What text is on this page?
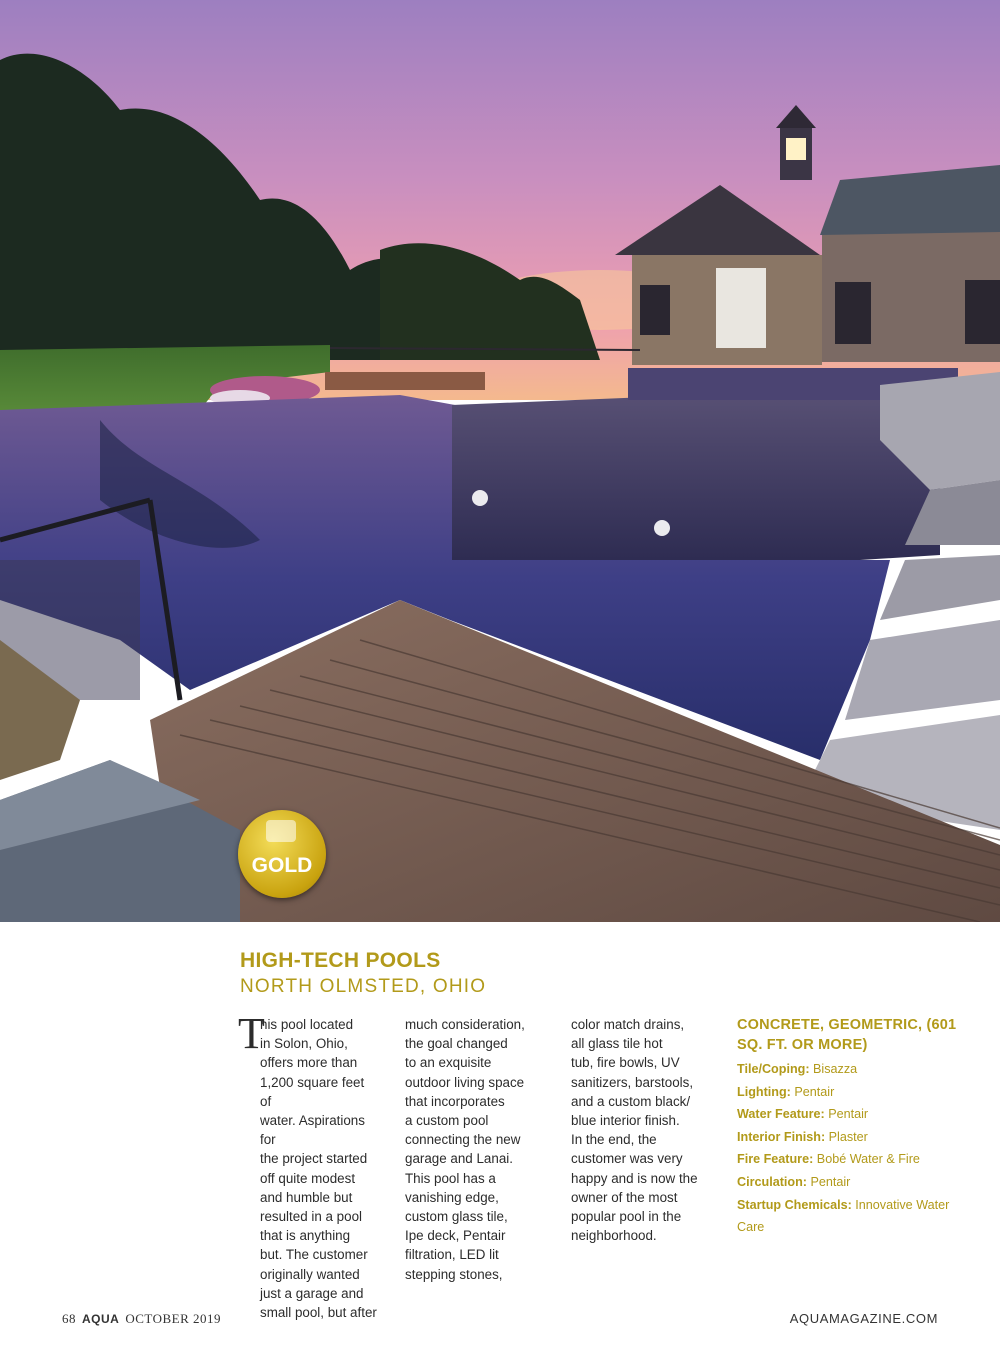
GOLD
HIGH-TECH POOLS
NORTH OLMSTED, OHIO
T
his pool located
in Solon, Ohio,
offers more than
1,200 square feet of
water. Aspirations for
the project started
off quite modest
and humble but
resulted in a pool
that is anything
but. The customer
originally wanted
just a garage and
small pool, but after
much consideration,
the goal changed
to an exquisite
outdoor living space
that incorporates
a custom pool
connecting the new
garage and Lanai.
This pool has a
vanishing edge,
custom glass tile,
Ipe deck, Pentair
filtration, LED lit
stepping stones,
color match drains,
all glass tile hot
tub, fire bowls, UV
sanitizers, barstools,
and a custom black/
blue interior finish.
In the end, the
customer was very
happy and is now the
owner of the most
popular pool in the
neighborhood.
CONCRETE, GEOMETRIC, (601 SQ. FT. OR MORE)
Tile/Coping: Bisazza
Lighting: Pentair
Water Feature: Pentair
Interior Finish: Plaster
Fire Feature: Bobé Water & Fire
Circulation: Pentair
Startup Chemicals: Innovative Water Care
68 AQUA OCTOBER 2019	AQUAMAGAZINE.COM
